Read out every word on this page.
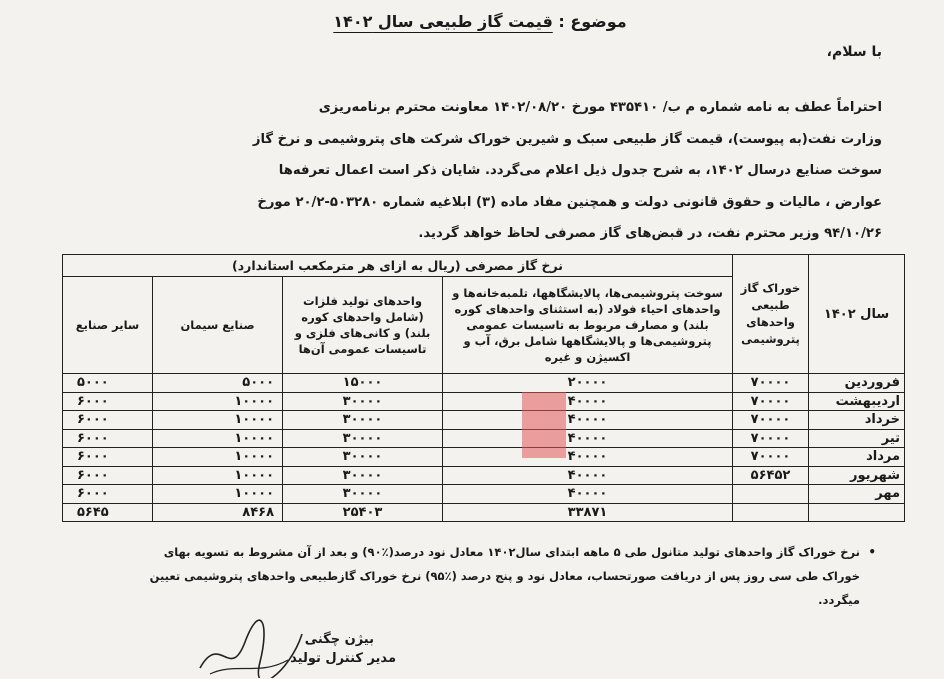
موضوع : قیمت گاز طبیعی سال ۱۴۰۲
با سلام،
احتراماً عطف به نامه شماره م ب/ ۴۳۵۴۱۰ مورخ ۱۴۰۲/۰۸/۲۰ معاونت محترم برنامه‌ریزی
وزارت نفت(به پیوست)، قیمت گاز طبیعی سبک و شیرین خوراک شرکت های پتروشیمی و نرخ گاز
سوخت صنایع درسال ۱۴۰۲، به شرح جدول ذیل اعلام می‌گردد. شایان ذکر است اعمال تعرفه‌ها
عوارض ، مالیات و حقوق قانونی دولت و همچنین مفاد ماده (۳) ابلاغیه شماره ۵۰۳۲۸۰-۲۰/۲ مورخ
۹۴/۱۰/۲۶ وزیر محترم نفت، در قبض‌های گاز مصرفی لحاظ خواهد گردید.
سال ۱۴۰۲	خوراک گاز طبیعی واحدهای پتروشیمی	نرخ گاز مصرفی (ریال به ازای هر مترمکعب استاندارد)			
		سوخت پتروشیمی‌ها، پالایشگاهها، تلمبه‌خانه‌ها و واحدهای احیاء فولاد (به استثنای واحدهای کوره بلند) و مصارف مربوط به تاسیسات عمومی پتروشیمی‌ها و پالایشگاهها شامل برق، آب و اکسیژن و غیره	واحدهای تولید فلزات (شامل واحدهای کوره بلند) و کانی‌های فلزی و تاسیسات عمومی آن‌ها	صنایع سیمان	سایر صنایع
فروردین	۷۰۰۰۰	۲۰۰۰۰	۱۵۰۰۰	۵۰۰۰	۵۰۰۰
اردیبهشت	۷۰۰۰۰	۴۰۰۰۰	۳۰۰۰۰	۱۰۰۰۰	۶۰۰۰
خرداد	۷۰۰۰۰	۴۰۰۰۰	۳۰۰۰۰	۱۰۰۰۰	۶۰۰۰
تیر	۷۰۰۰۰	۴۰۰۰۰	۳۰۰۰۰	۱۰۰۰۰	۶۰۰۰
مرداد	۷۰۰۰۰	۴۰۰۰۰	۳۰۰۰۰	۱۰۰۰۰	۶۰۰۰
شهریور	۵۶۴۵۲	۴۰۰۰۰	۳۰۰۰۰	۱۰۰۰۰	۶۰۰۰
مهر		۴۰۰۰۰	۳۰۰۰۰	۱۰۰۰۰	۶۰۰۰
		۳۳۸۷۱	۲۵۴۰۳	۸۴۶۸	۵۶۴۵
•
نرخ خوراک گاز واحدهای تولید متانول طی ۵ ماهه ابتدای سال۱۴۰۲ معادل نود درصد(٪۹۰) و بعد از آن مشروط به تسویه بهای
خوراک طی سی روز پس از دریافت صورتحساب، معادل نود و پنج درصد (٪۹۵) نرخ خوراک گازطبیعی واحدهای پتروشیمی تعیین
میگردد.
بیژن چگنی
مدیر کنترل تولید
